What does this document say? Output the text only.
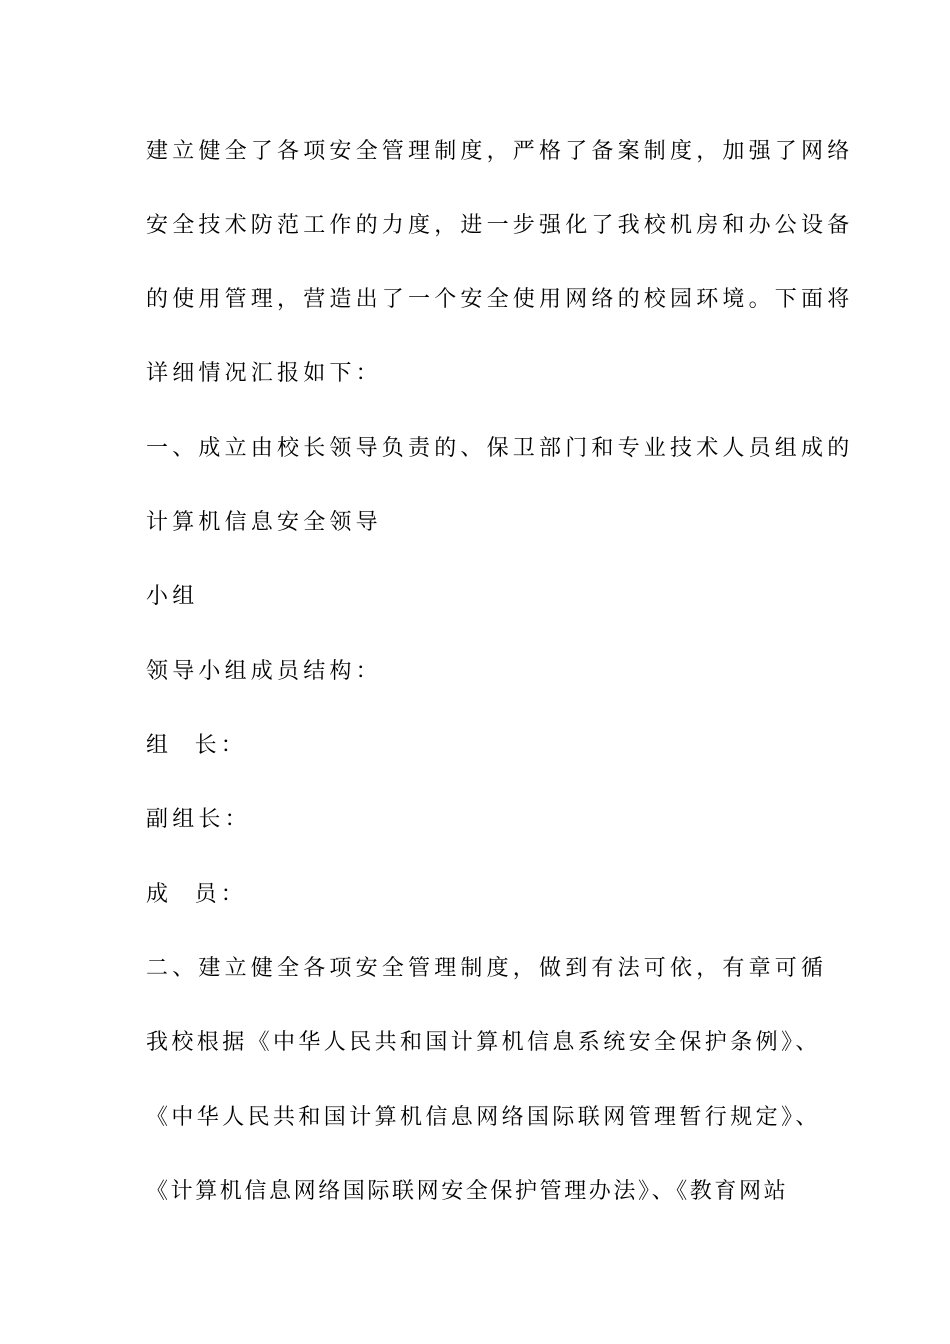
建立健全了各项安全管理制度，严格了备案制度，加强了网络
安全技术防范工作的力度，进一步强化了我校机房和办公设备
的使用管理，营造出了一个安全使用网络的校园环境。下面将
详细情况汇报如下：
一、成立由校长领导负责的、保卫部门和专业技术人员组成的
计算机信息安全领导
小组
领导小组成员结构：
组  长：
副组长：
成  员：
二、建立健全各项安全管理制度，做到有法可依，有章可循
我校根据《中华人民共和国计算机信息系统安全保护条例》、
《中华人民共和国计算机信息网络国际联网管理暂行规定》、
《计算机信息网络国际联网安全保护管理办法》、《教育网站
